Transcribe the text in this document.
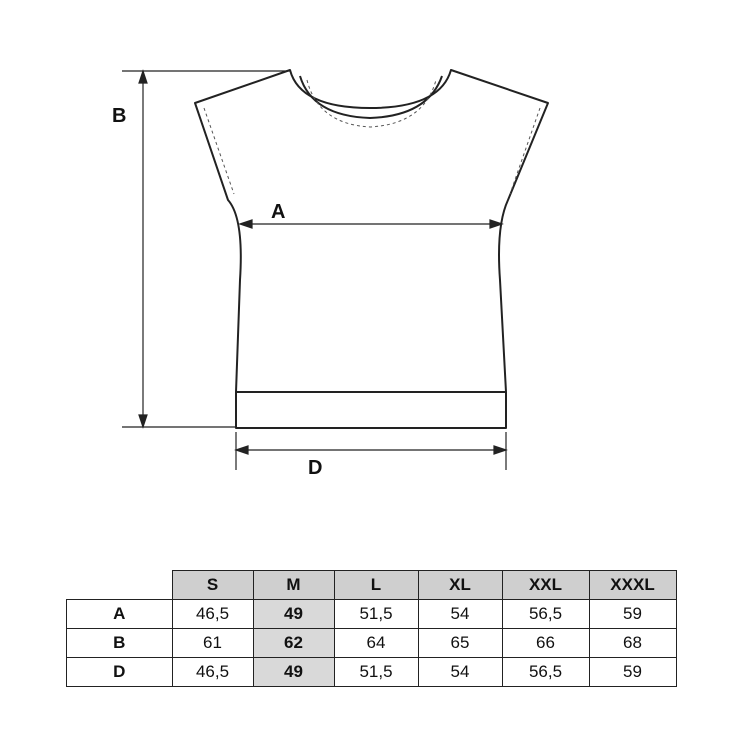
B
A
D
	S	M	L	XL	XXL	XXXL
A	46,5	49	51,5	54	56,5	59
B	61	62	64	65	66	68
D	46,5	49	51,5	54	56,5	59
